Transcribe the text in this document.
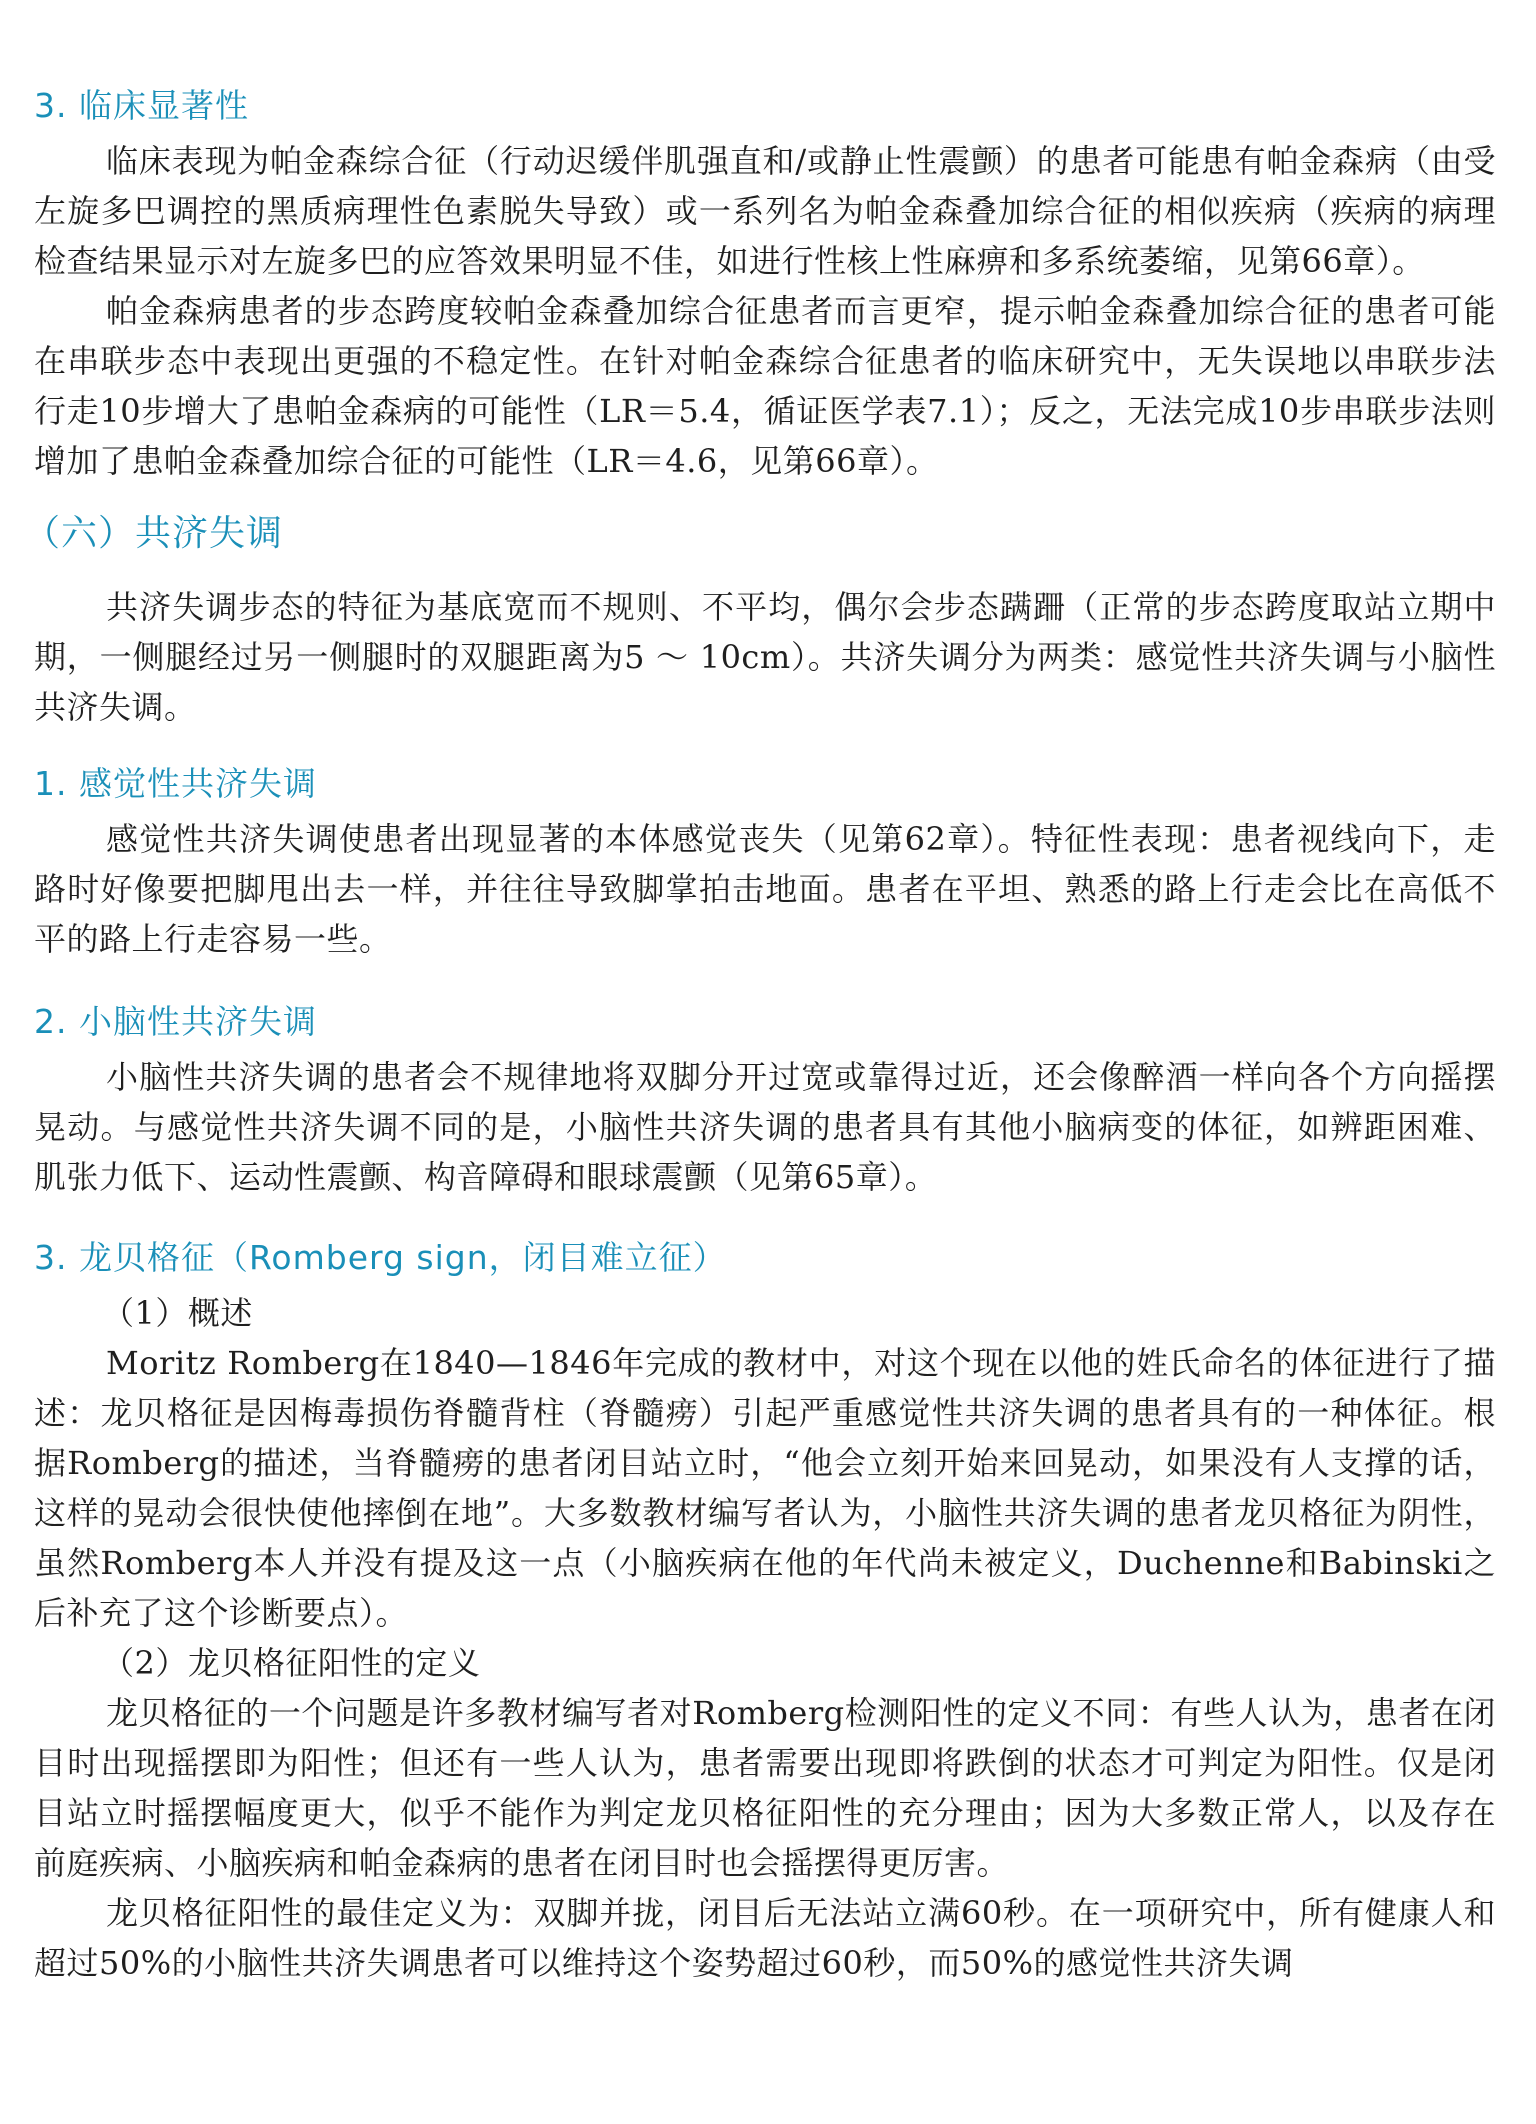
3. 临床显著性

临床表现为帕金森综合征（行动迟缓伴肌强直和/或静止性震颤）的患者可能患有帕金森病（由受左旋多巴调控的黑质病理性色素脱失导致）或一系列名为帕金森叠加综合征的相似疾病（疾病的病理检查结果显示对左旋多巴的应答效果明显不佳，如进行性核上性麻痹和多系统萎缩，见第66章）。

帕金森病患者的步态跨度较帕金森叠加综合征患者而言更窄，提示帕金森叠加综合征的患者可能在串联步态中表现出更强的不稳定性。在针对帕金森综合征患者的临床研究中，无失误地以串联步法行走10步增大了患帕金森病的可能性（LR＝5.4，循证医学表7.1）；反之，无法完成10步串联步法则增加了患帕金森叠加综合征的可能性（LR＝4.6，见第66章）。

（六）共济失调

共济失调步态的特征为基底宽而不规则、不平均，偶尔会步态蹒跚（正常的步态跨度取站立期中期，一侧腿经过另一侧腿时的双腿距离为5 ～ 10cm）。共济失调分为两类：感觉性共济失调与小脑性共济失调。

1. 感觉性共济失调

感觉性共济失调使患者出现显著的本体感觉丧失（见第62章）。特征性表现：患者视线向下，走路时好像要把脚甩出去一样，并往往导致脚掌拍击地面。患者在平坦、熟悉的路上行走会比在高低不平的路上行走容易一些。

2. 小脑性共济失调

小脑性共济失调的患者会不规律地将双脚分开过宽或靠得过近，还会像醉酒一样向各个方向摇摆晃动。与感觉性共济失调不同的是，小脑性共济失调的患者具有其他小脑病变的体征，如辨距困难、肌张力低下、运动性震颤、构音障碍和眼球震颤（见第65章）。

3. 龙贝格征（Romberg sign，闭目难立征）

（1）概述

Moritz Romberg在1840—1846年完成的教材中，对这个现在以他的姓氏命名的体征进行了描述：龙贝格征是因梅毒损伤脊髓背柱（脊髓痨）引起严重感觉性共济失调的患者具有的一种体征。根据Romberg的描述，当脊髓痨的患者闭目站立时，“他会立刻开始来回晃动，如果没有人支撑的话，这样的晃动会很快使他摔倒在地”。大多数教材编写者认为，小脑性共济失调的患者龙贝格征为阴性，虽然Romberg本人并没有提及这一点（小脑疾病在他的年代尚未被定义，Duchenne和Babinski之后补充了这个诊断要点）。

（2）龙贝格征阳性的定义

龙贝格征的一个问题是许多教材编写者对Romberg检测阳性的定义不同：有些人认为，患者在闭目时出现摇摆即为阳性；但还有一些人认为，患者需要出现即将跌倒的状态才可判定为阳性。仅是闭目站立时摇摆幅度更大，似乎不能作为判定龙贝格征阳性的充分理由；因为大多数正常人，以及存在前庭疾病、小脑疾病和帕金森病的患者在闭目时也会摇摆得更厉害。

龙贝格征阳性的最佳定义为：双脚并拢，闭目后无法站立满60秒。在一项研究中，所有健康人和超过50%的小脑性共济失调患者可以维持这个姿势超过60秒，而50%的感觉性共济失调
